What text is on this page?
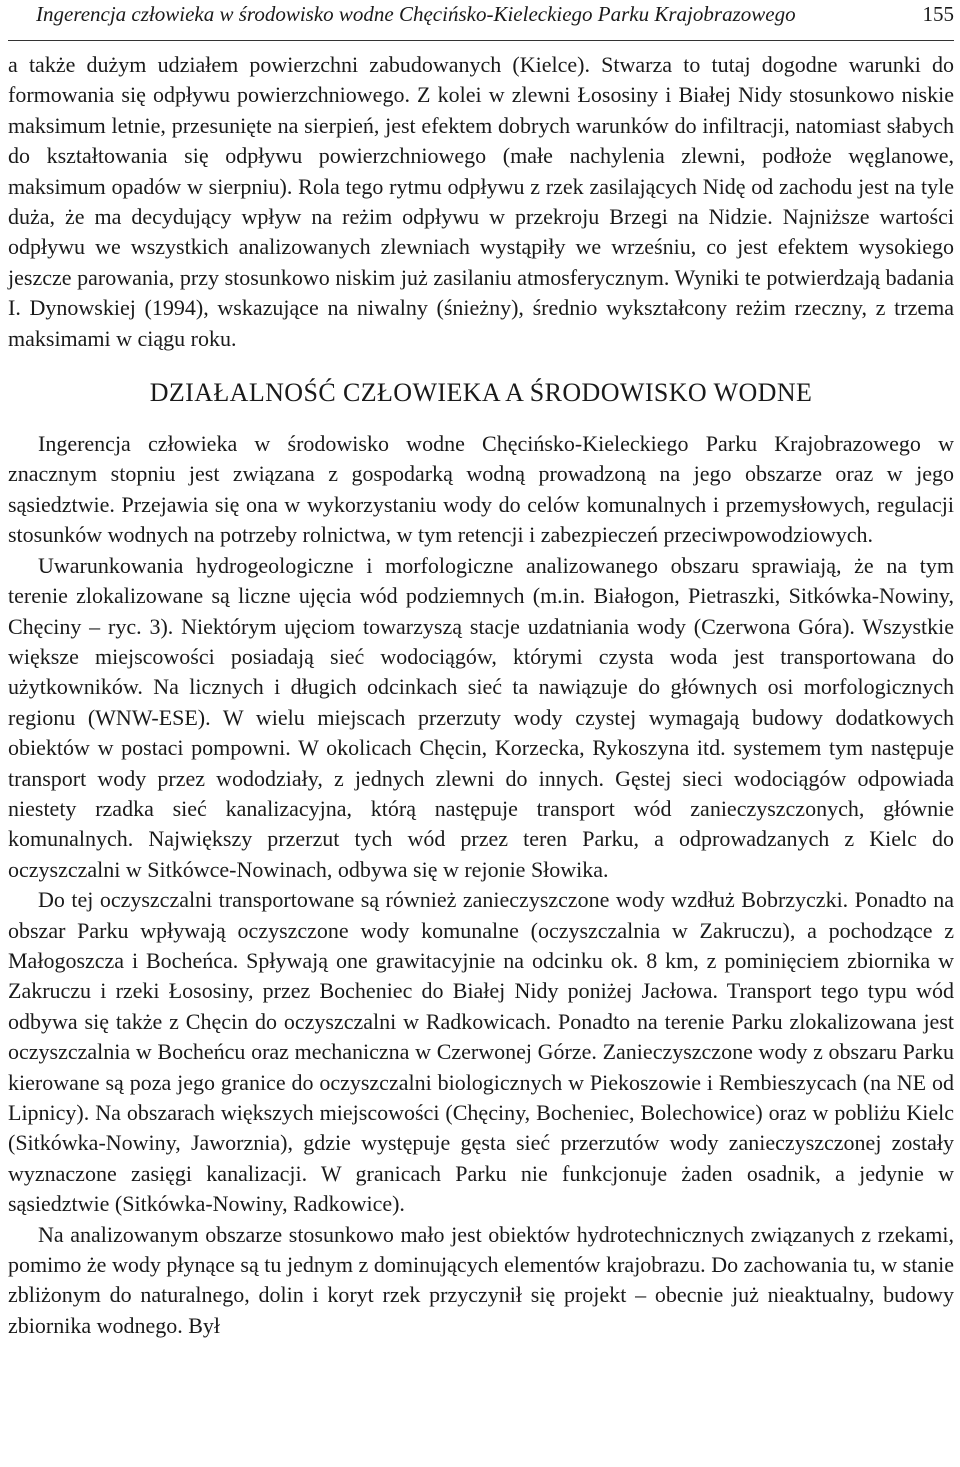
Ingerencja człowieka w środowisko wodne Chęcińsko-Kieleckiego Parku Krajobrazowego	155

a także dużym udziałem powierzchni zabudowanych (Kielce). Stwarza to tutaj dogodne warunki do formowania się odpływu powierzchniowego. Z kolei w zlewni Łososiny i Białej Nidy stosunkowo niskie maksimum letnie, przesunięte na sierpień, jest efektem dobrych warunków do infiltracji, natomiast słabych do kształtowania się odpływu powierzchniowego (małe nachylenia zlewni, podłoże węglanowe, maksimum opadów w sierpniu). Rola tego rytmu odpływu z rzek zasilających Nidę od zachodu jest na tyle duża, że ma decydujący wpływ na reżim odpływu w przekroju Brzegi na Nidzie. Najniższe wartości odpływu we wszystkich analizowanych zlewniach wystąpiły we wrześniu, co jest efektem wysokiego jeszcze parowania, przy stosunkowo niskim już zasilaniu atmosferycznym. Wyniki te potwierdzają badania I. Dynowskiej (1994), wskazujące na niwalny (śnieżny), średnio wykształcony reżim rzeczny, z trzema maksimami w ciągu roku.

DZIAŁALNOŚĆ CZŁOWIEKA A ŚRODOWISKO WODNE

Ingerencja człowieka w środowisko wodne Chęcińsko-Kieleckiego Parku Krajobrazowego w znacznym stopniu jest związana z gospodarką wodną prowadzoną na jego obszarze oraz w jego sąsiedztwie. Przejawia się ona w wykorzystaniu wody do celów komunalnych i przemysłowych, regulacji stosunków wodnych na potrzeby rolnictwa, w tym retencji i zabezpieczeń przeciwpowodziowych.

Uwarunkowania hydrogeologiczne i morfologiczne analizowanego obszaru sprawiają, że na tym terenie zlokalizowane są liczne ujęcia wód podziemnych (m.in. Białogon, Pietraszki, Sitkówka-Nowiny, Chęciny – ryc. 3). Niektórym ujęciom towarzyszą stacje uzdatniania wody (Czerwona Góra). Wszystkie większe miejscowości posiadają sieć wodociągów, którymi czysta woda jest transportowana do użytkowników. Na licznych i długich odcinkach sieć ta nawiązuje do głównych osi morfologicznych regionu (WNW-ESE). W wielu miejscach przerzuty wody czystej wymagają budowy dodatkowych obiektów w postaci pompowni. W okolicach Chęcin, Korzecka, Rykoszyna itd. systemem tym następuje transport wody przez wododziały, z jednych zlewni do innych. Gęstej sieci wodociągów odpowiada niestety rzadka sieć kanalizacyjna, którą następuje transport wód zanieczyszczonych, głównie komunalnych. Największy przerzut tych wód przez teren Parku, a odprowadzanych z Kielc do oczyszczalni w Sitkówce-Nowinach, odbywa się w rejonie Słowika.

Do tej oczyszczalni transportowane są również zanieczyszczone wody wzdłuż Bobrzyczki. Ponadto na obszar Parku wpływają oczyszczone wody komunalne (oczyszczalnia w Zakruczu), a pochodzące z Małogoszcza i Bocheńca. Spływają one grawitacyjnie na odcinku ok. 8 km, z pominięciem zbiornika w Zakruczu i rzeki Łososiny, przez Bocheniec do Białej Nidy poniżej Jacłowa. Transport tego typu wód odbywa się także z Chęcin do oczyszczalni w Radkowicach. Ponadto na terenie Parku zlokalizowana jest oczyszczalnia w Bocheńcu oraz mechaniczna w Czerwonej Górze. Zanieczyszczone wody z obszaru Parku kierowane są poza jego granice do oczyszczalni biologicznych w Piekoszowie i Rembieszycach (na NE od Lipnicy). Na obszarach większych miejscowości (Chęciny, Bocheniec, Bolechowice) oraz w pobliżu Kielc (Sitkówka-Nowiny, Jaworznia), gdzie występuje gęsta sieć przerzutów wody zanieczyszczonej zostały wyznaczone zasięgi kanalizacji. W granicach Parku nie funkcjonuje żaden osadnik, a jedynie w sąsiedztwie (Sitkówka-Nowiny, Radkowice).

Na analizowanym obszarze stosunkowo mało jest obiektów hydrotechnicznych związanych z rzekami, pomimo że wody płynące są tu jednym z dominujących elementów krajobrazu. Do zachowania tu, w stanie zbliżonym do naturalnego, dolin i koryt rzek przyczynił się projekt – obecnie już nieaktualny, budowy zbiornika wodnego. Był
